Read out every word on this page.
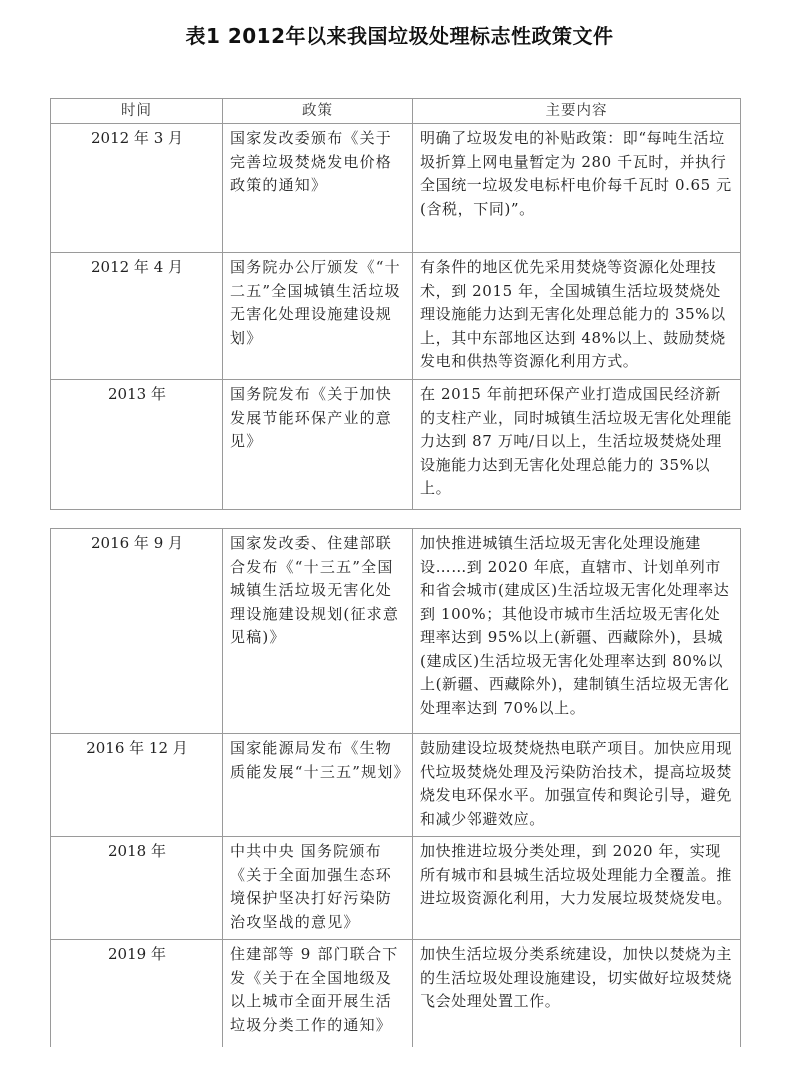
表1 2012年以来我国垃圾处理标志性政策文件
时间	政策	主要内容
2012 年 3 月	国家发改委颁布《关于完善垃圾焚烧发电价格政策的通知》	明确了垃圾发电的补贴政策：即“每吨生活垃圾折算上网电量暂定为 280 千瓦时，并执行全国统一垃圾发电标杆电价每千瓦时 0.65 元(含税，下同)”。
2012 年 4 月	国务院办公厅颁发《“十二五”全国城镇生活垃圾无害化处理设施建设规划》	有条件的地区优先采用焚烧等资源化处理技术，到 2015 年，全国城镇生活垃圾焚烧处理设施能力达到无害化处理总能力的 35%以上，其中东部地区达到 48%以上、鼓励焚烧发电和供热等资源化利用方式。
2013 年	国务院发布《关于加快发展节能环保产业的意见》	在 2015 年前把环保产业打造成国民经济新的支柱产业，同时城镇生活垃圾无害化处理能力达到 87 万吨/日以上，生活垃圾焚烧处理设施能力达到无害化处理总能力的 35%以上。
2016 年 9 月	国家发改委、住建部联合发布《“十三五”全国城镇生活垃圾无害化处理设施建设规划(征求意见稿)》	加快推进城镇生活垃圾无害化处理设施建设……到 2020 年底，直辖市、计划单列市和省会城市(建成区)生活垃圾无害化处理率达到 100%；其他设市城市生活垃圾无害化处理率达到 95%以上(新疆、西藏除外)，县城(建成区)生活垃圾无害化处理率达到 80%以上(新疆、西藏除外)，建制镇生活垃圾无害化处理率达到 70%以上。
2016 年 12 月	国家能源局发布《生物质能发展“十三五”规划》	鼓励建设垃圾焚烧热电联产项目。加快应用现代垃圾焚烧处理及污染防治技术，提高垃圾焚烧发电环保水平。加强宣传和舆论引导，避免和减少邻避效应。
2018 年	中共中央 国务院颁布《关于全面加强生态环境保护坚决打好污染防治攻坚战的意见》	加快推进垃圾分类处理，到 2020 年，实现所有城市和县城生活垃圾处理能力全覆盖。推进垃圾资源化利用，大力发展垃圾焚烧发电。
2019 年	住建部等 9 部门联合下发《关于在全国地级及以上城市全面开展生活垃圾分类工作的通知》	加快生活垃圾分类系统建设，加快以焚烧为主的生活垃圾处理设施建设，切实做好垃圾焚烧飞会处理处置工作。
